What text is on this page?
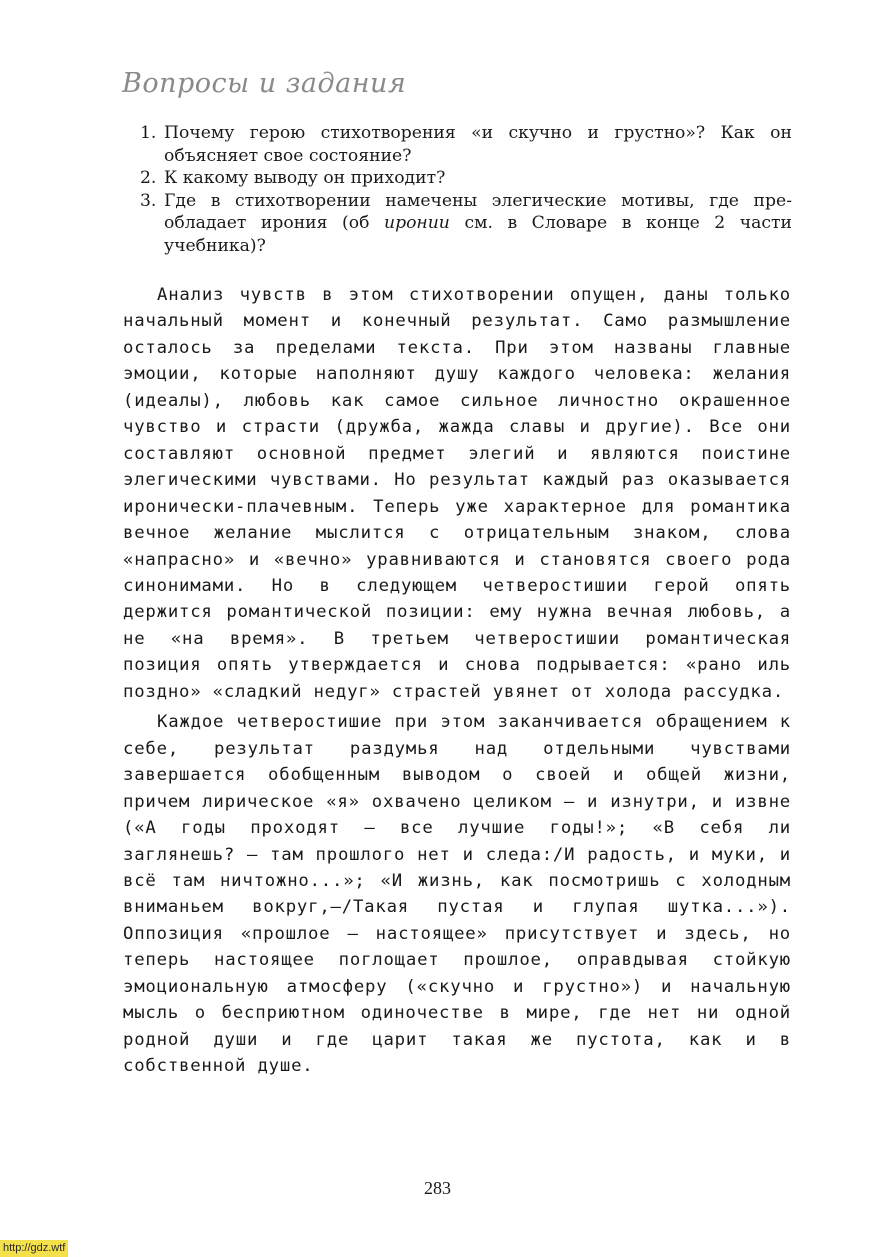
Вопросы и задания
1. Почему герою стихотворения «и скучно и грустно»? Как он объясняет свое состояние?
2. К какому выводу он приходит?
3. Где в стихотворении намечены элегические мотивы, где преобладает ирония (об иронии см. в Словаре в конце 2 части учебника)?

Анализ чувств в этом стихотворении опущен, даны только начальный момент и конечный результат. Само размышление осталось за пределами текста. При этом названы главные эмоции, которые наполняют душу каждого человека: желания (идеалы), любовь как самое сильное личностно окрашенное чувство и страсти (дружба, жажда славы и другие). Все они составляют основной предмет элегий и являются поистине элегическими чувствами. Но результат каждый раз оказывается иронически-плачевным. Теперь уже характерное для романтика вечное желание мыслится с отрицательным знаком, слова «напрасно» и «вечно» уравниваются и становятся своего рода синонимами. Но в следующем четверостишии герой опять держится романтической позиции: ему нужна вечная любовь, а не «на время». В третьем четверостишии романтическая позиция опять утверждается и снова подрывается: «рано иль поздно» «сладкий недуг» страстей увянет от холода рассудка.

Каждое четверостишие при этом заканчивается обращением к себе, результат раздумья над отдельными чувствами завершается обобщенным выводом о своей и общей жизни, причем лирическое «я» охвачено целиком — и изнутри, и извне («А годы проходят — все лучшие годы!»; «В себя ли заглянешь? — там прошлого нет и следа:/И радость, и муки, и всё там ничтожно...»; «И жизнь, как посмотришь с холодным вниманьем вокруг,—/Такая пустая и глупая шутка...»). Оппозиция «прошлое — настоящее» присутствует и здесь, но теперь настоящее поглощает прошлое, оправдывая стойкую эмоциональную атмосферу («скучно и грустно») и начальную мысль о бесприютном одиночестве в мире, где нет ни одной родной души и где царит такая же пустота, как и в собственной душе.

283
http://gdz.wtf
